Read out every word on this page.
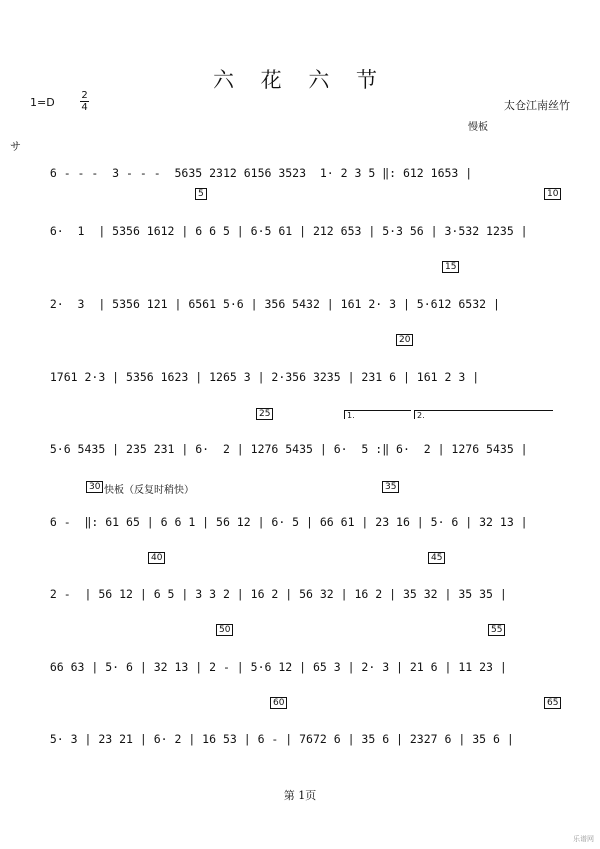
六 花 六 节
1=D
2
4	太仓江南丝竹
慢板
快板（反复时稍快）
5	10
15
20
25
30	35
40	45
50	55
60	65
1.	2.

サ

6 - - -  3 - - -  5635 2312 6156 3523  1· 2 3 5 ‖: 612 1653 |

6·  1  | 5356 1612 | 6 6 5 | 6·5 61 | 212 653 | 5·3 56 | 3·532 1235 |

2·  3  | 5356 121 | 6561 5·6 | 356 5432 | 161 2· 3 | 5·612 6532 |

1761 2·3 | 5356 1623 | 1265 3 | 2·356 3235 | 231 6 | 161 2 3 |

5·6 5435 | 235 231 | 6·  2 | 1276 5435 | 6·  5 :‖ 6·  2 | 1276 5435 |

6 -  ‖: 61 65 | 6 6 1 | 56 12 | 6· 5 | 66 61 | 23 16 | 5· 6 | 32 13 |

2 -  | 56 12 | 6 5 | 3 3 2 | 16 2 | 56 32 | 16 2 | 35 32 | 35 35 |

66 63 | 5· 6 | 32 13 | 2 - | 5·6 12 | 65 3 | 2· 3 | 21 6 | 11 23 |

5· 3 | 23 21 | 6· 2 | 16 53 | 6 - | 7672 6 | 35 6 | 2327 6 | 35 6 |

第 1页
乐谱网
